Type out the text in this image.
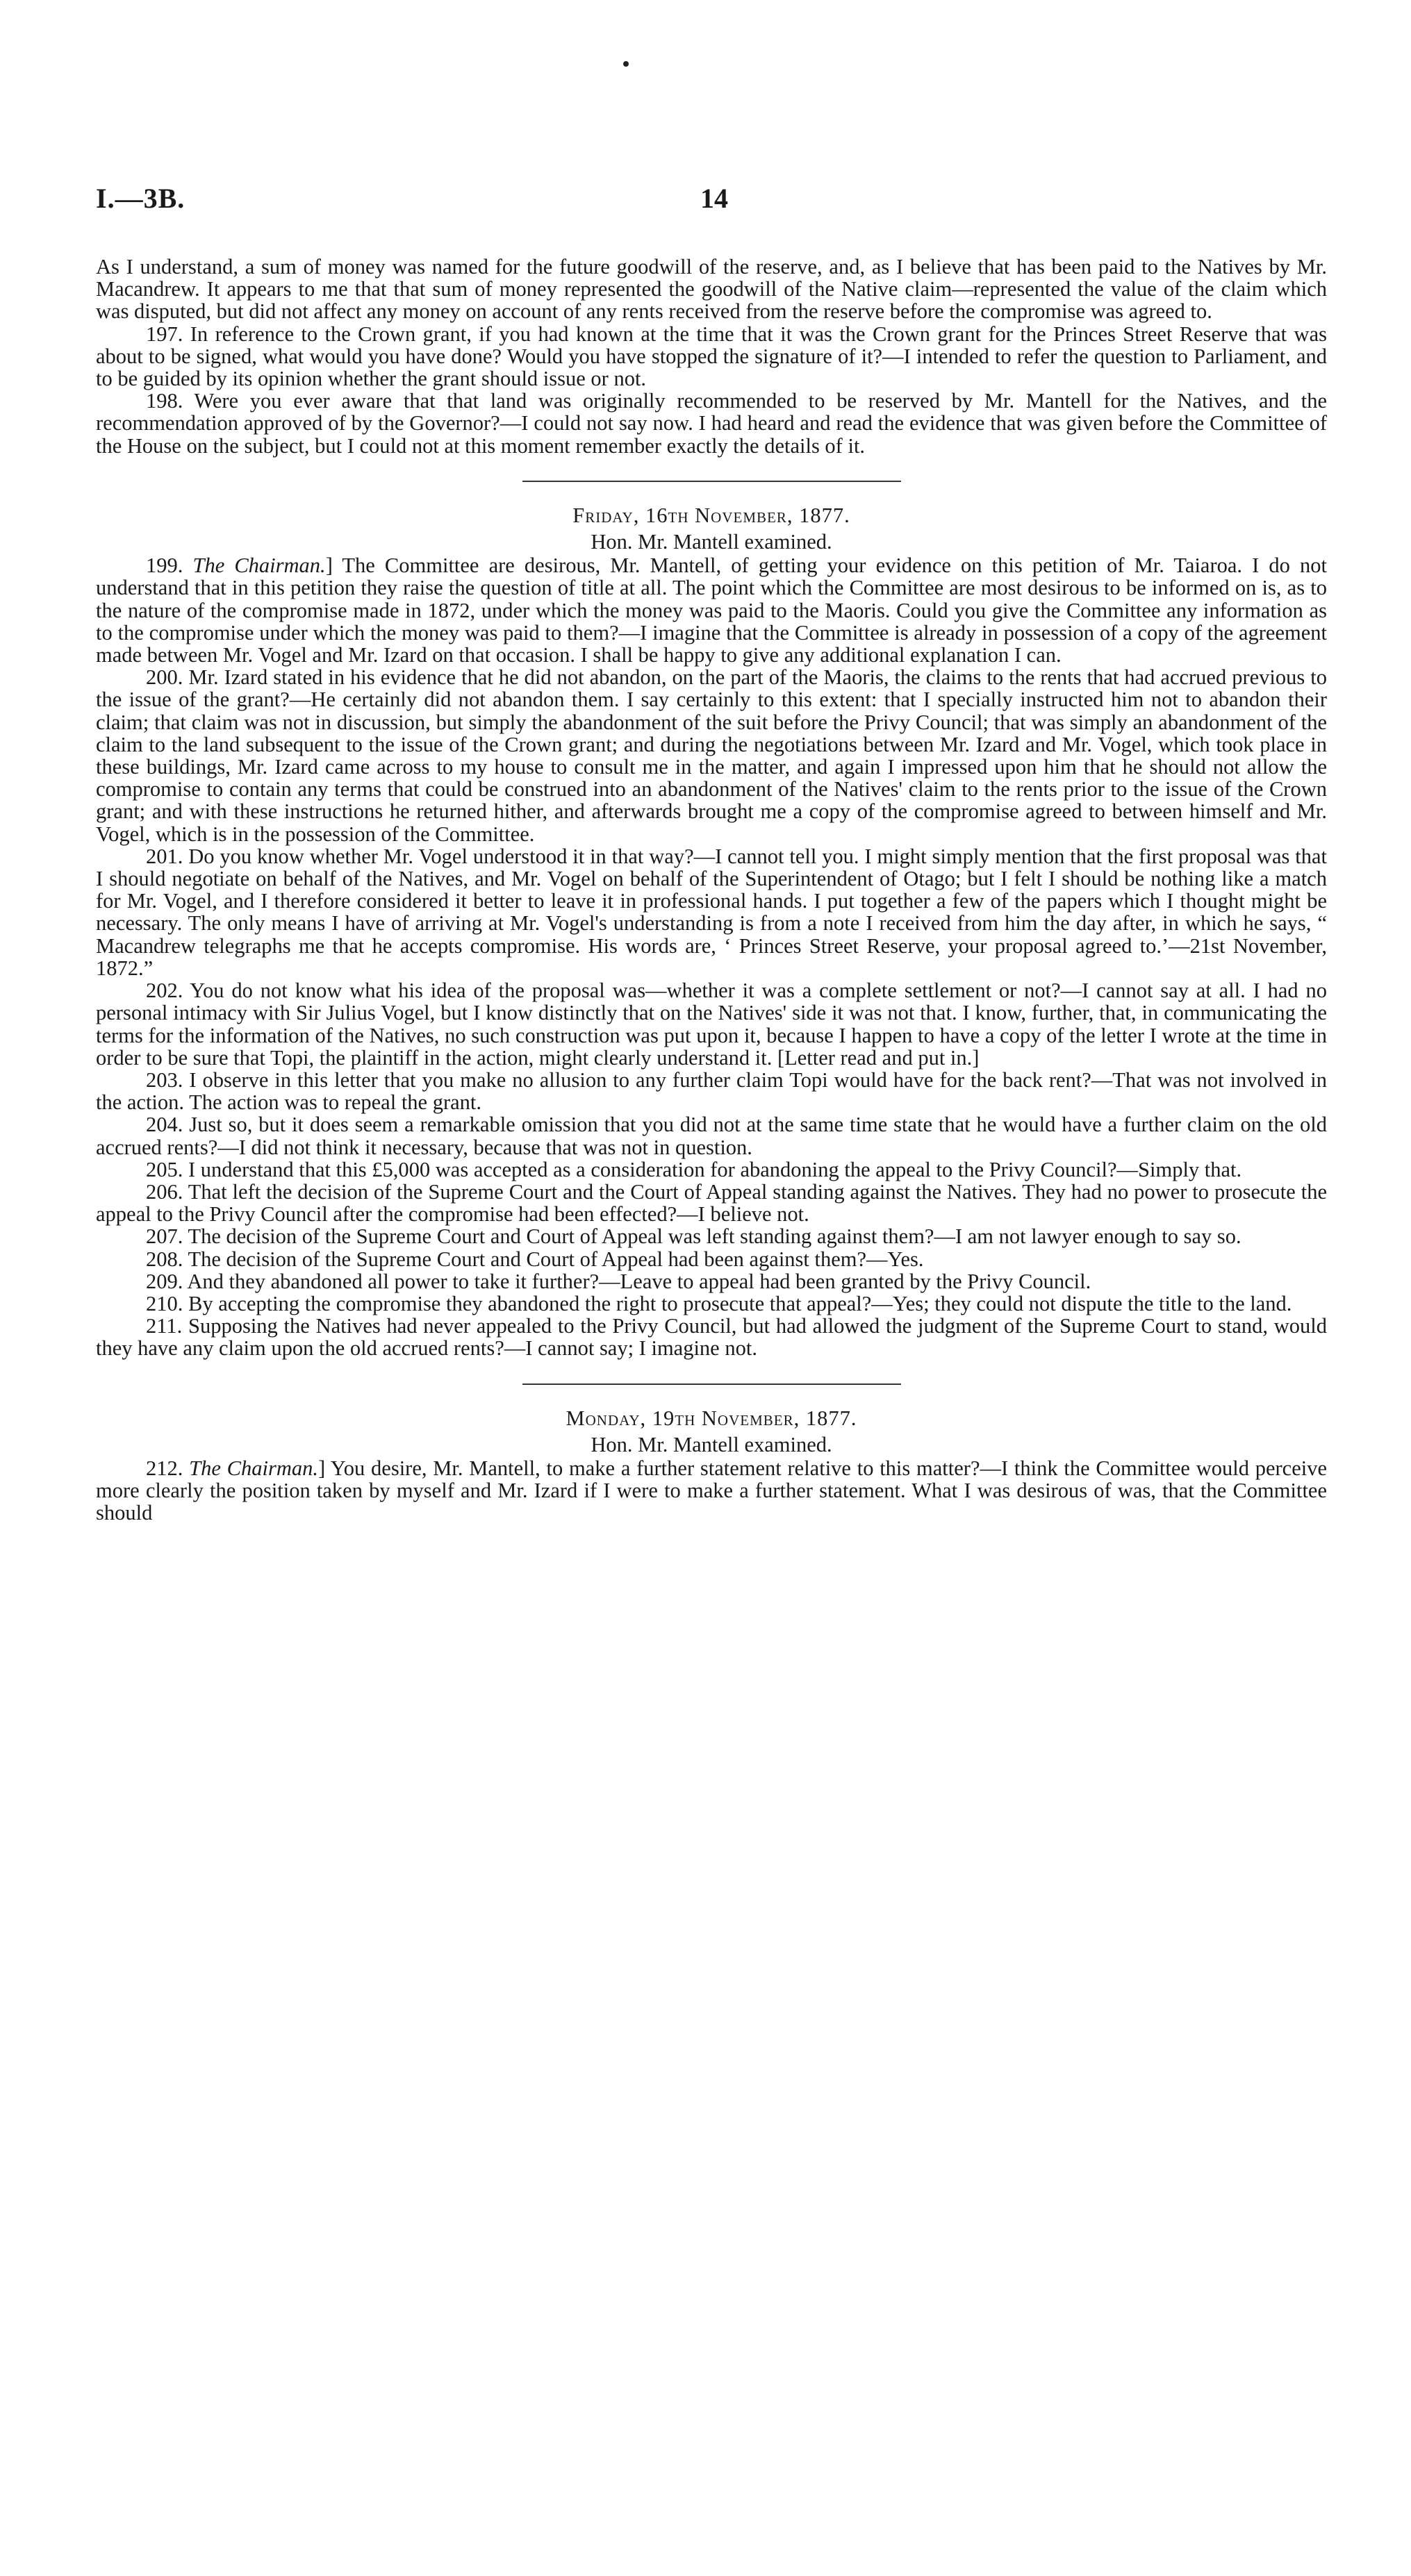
I.—3B.	14

As I understand, a sum of money was named for the future goodwill of the reserve, and, as I believe that has been paid to the Natives by Mr. Macandrew. It appears to me that that sum of money represented the goodwill of the Native claim—represented the value of the claim which was disputed, but did not affect any money on account of any rents received from the reserve before the compromise was agreed to.

197. In reference to the Crown grant, if you had known at the time that it was the Crown grant for the Princes Street Reserve that was about to be signed, what would you have done? Would you have stopped the signature of it?—I intended to refer the question to Parliament, and to be guided by its opinion whether the grant should issue or not.

198. Were you ever aware that that land was originally recommended to be reserved by Mr. Mantell for the Natives, and the recommendation approved of by the Governor?—I could not say now. I had heard and read the evidence that was given before the Committee of the House on the subject, but I could not at this moment remember exactly the details of it.

Friday, 16th November, 1877.

Hon. Mr. Mantell examined.

199. The Chairman.] The Committee are desirous, Mr. Mantell, of getting your evidence on this petition of Mr. Taiaroa. I do not understand that in this petition they raise the question of title at all. The point which the Committee are most desirous to be informed on is, as to the nature of the compromise made in 1872, under which the money was paid to the Maoris. Could you give the Committee any information as to the compromise under which the money was paid to them?—I imagine that the Committee is already in possession of a copy of the agreement made between Mr. Vogel and Mr. Izard on that occasion. I shall be happy to give any additional explanation I can.

200. Mr. Izard stated in his evidence that he did not abandon, on the part of the Maoris, the claims to the rents that had accrued previous to the issue of the grant?—He certainly did not abandon them. I say certainly to this extent: that I specially instructed him not to abandon their claim; that claim was not in discussion, but simply the abandonment of the suit before the Privy Council; that was simply an abandonment of the claim to the land subsequent to the issue of the Crown grant; and during the negotiations between Mr. Izard and Mr. Vogel, which took place in these buildings, Mr. Izard came across to my house to consult me in the matter, and again I impressed upon him that he should not allow the compromise to contain any terms that could be construed into an abandonment of the Natives' claim to the rents prior to the issue of the Crown grant; and with these instructions he returned hither, and afterwards brought me a copy of the compromise agreed to between himself and Mr. Vogel, which is in the possession of the Committee.

201. Do you know whether Mr. Vogel understood it in that way?—I cannot tell you. I might simply mention that the first proposal was that I should negotiate on behalf of the Natives, and Mr. Vogel on behalf of the Superintendent of Otago; but I felt I should be nothing like a match for Mr. Vogel, and I therefore considered it better to leave it in professional hands. I put together a few of the papers which I thought might be necessary. The only means I have of arriving at Mr. Vogel's understanding is from a note I received from him the day after, in which he says, “ Macandrew telegraphs me that he accepts compromise. His words are, ‘ Princes Street Reserve, your proposal agreed to.’—21st November, 1872.”

202. You do not know what his idea of the proposal was—whether it was a complete settlement or not?—I cannot say at all. I had no personal intimacy with Sir Julius Vogel, but I know distinctly that on the Natives' side it was not that. I know, further, that, in communicating the terms for the information of the Natives, no such construction was put upon it, because I happen to have a copy of the letter I wrote at the time in order to be sure that Topi, the plaintiff in the action, might clearly understand it. [Letter read and put in.]

203. I observe in this letter that you make no allusion to any further claim Topi would have for the back rent?—That was not involved in the action. The action was to repeal the grant.

204. Just so, but it does seem a remarkable omission that you did not at the same time state that he would have a further claim on the old accrued rents?—I did not think it necessary, because that was not in question.

205. I understand that this £5,000 was accepted as a consideration for abandoning the appeal to the Privy Council?—Simply that.

206. That left the decision of the Supreme Court and the Court of Appeal standing against the Natives. They had no power to prosecute the appeal to the Privy Council after the compromise had been effected?—I believe not.

207. The decision of the Supreme Court and Court of Appeal was left standing against them?—I am not lawyer enough to say so.

208. The decision of the Supreme Court and Court of Appeal had been against them?—Yes.

209. And they abandoned all power to take it further?—Leave to appeal had been granted by the Privy Council.

210. By accepting the compromise they abandoned the right to prosecute that appeal?—Yes; they could not dispute the title to the land.

211. Supposing the Natives had never appealed to the Privy Council, but had allowed the judgment of the Supreme Court to stand, would they have any claim upon the old accrued rents?—I cannot say; I imagine not.

Monday, 19th November, 1877.

Hon. Mr. Mantell examined.

212. The Chairman.] You desire, Mr. Mantell, to make a further statement relative to this matter?—I think the Committee would perceive more clearly the position taken by myself and Mr. Izard if I were to make a further statement. What I was desirous of was, that the Committee should
